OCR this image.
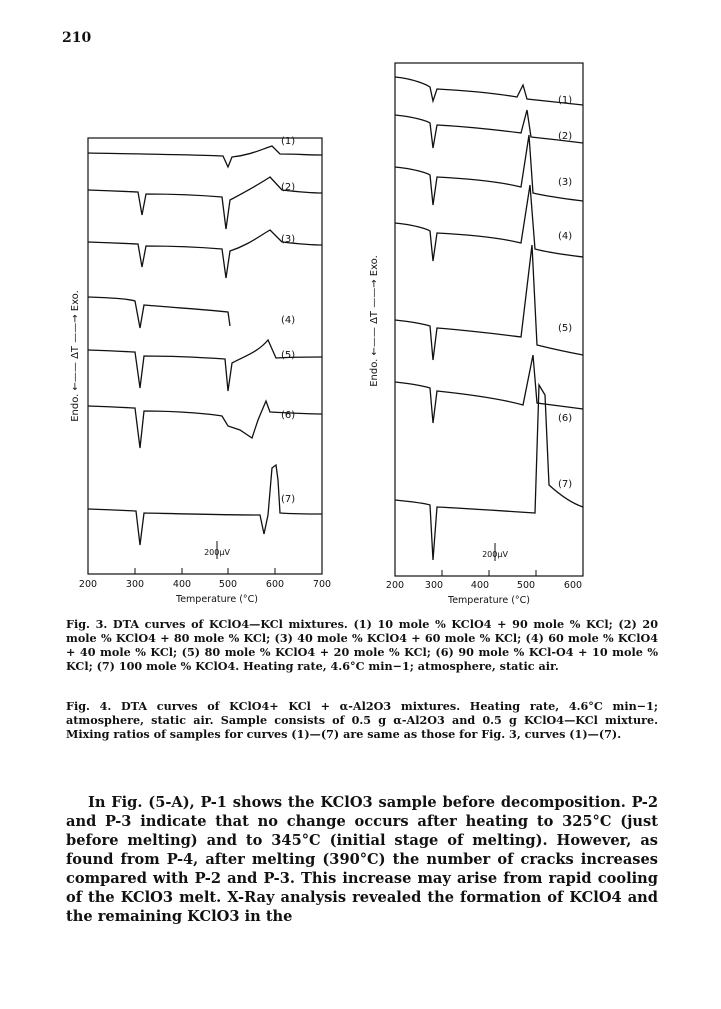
210
(1)
(2)
(3)
(4)
(5)
(6)
(7)
Endo. ←—— ΔT ——→ Exo.
200μV
200	300	400	500	600	700
Temperature (°C)
(1)
(2)
(3)
(4)
(5)
(6)
(7)
Endo. ←—— ΔT ——→ Exo.
200μV
200 300	400	500	600
Temperature (°C)
Fig. 3. DTA curves of KClO4—KCl mixtures. (1) 10 mole % KClO4 + 90 mole % KCl; (2) 20 mole % KClO4 + 80 mole % KCl; (3) 40 mole % KClO4 + 60 mole % KCl; (4) 60 mole % KClO4 + 40 mole % KCl; (5) 80 mole % KClO4 + 20 mole % KCl; (6) 90 mole % KCl-O4 + 10 mole % KCl; (7) 100 mole % KClO4. Heating rate, 4.6°C min−1; atmosphere, static air.
Fig. 4. DTA curves of KClO4+ KCl + α-Al2O3 mixtures. Heating rate, 4.6°C min−1; atmosphere, static air. Sample consists of 0.5 g α-Al2O3 and 0.5 g KClO4—KCl mixture. Mixing ratios of samples for curves (1)—(7) are same as those for Fig. 3, curves (1)—(7).

In Fig. (5-A), P-1 shows the KClO3 sample before decomposition. P-2 and P-3 indicate that no change occurs after heating to 325°C (just before melting) and to 345°C (initial stage of melting). However, as found from P-4, after melting (390°C) the number of cracks increases compared with P-2 and P-3. This increase may arise from rapid cooling of the KClO3 melt. X-Ray analysis revealed the formation of KClO4 and the remaining KClO3 in the
